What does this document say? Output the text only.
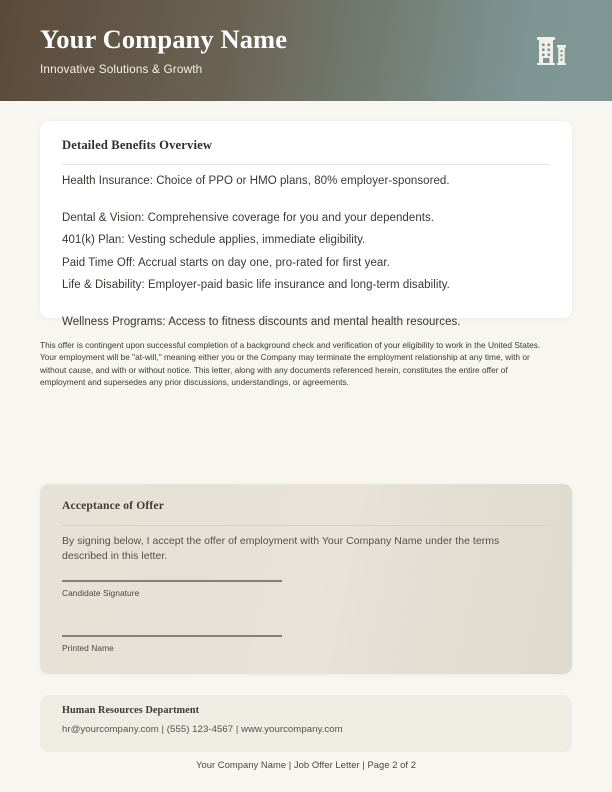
Your Company Name
Innovative Solutions & Growth
Detailed Benefits Overview
Health Insurance: Choice of PPO or HMO plans, 80% employer-sponsored.
Dental & Vision: Comprehensive coverage for you and your dependents.
401(k) Plan: Vesting schedule applies, immediate eligibility.
Paid Time Off: Accrual starts on day one, pro-rated for first year.
Life & Disability: Employer-paid basic life insurance and long-term disability.
Wellness Programs: Access to fitness discounts and mental health resources.
This offer is contingent upon successful completion of a background check and verification of your eligibility to work in the United States. Your employment will be "at-will," meaning either you or the Company may terminate the employment relationship at any time, with or without cause, and with or without notice. This letter, along with any documents referenced herein, constitutes the entire offer of employment and supersedes any prior discussions, understandings, or agreements.
Acceptance of Offer
By signing below, I accept the offer of employment with Your Company Name under the terms described in this letter.
Candidate Signature
Printed Name
Human Resources Department
hr@yourcompany.com | (555) 123-4567 | www.yourcompany.com
Your Company Name | Job Offer Letter | Page 2 of 2
